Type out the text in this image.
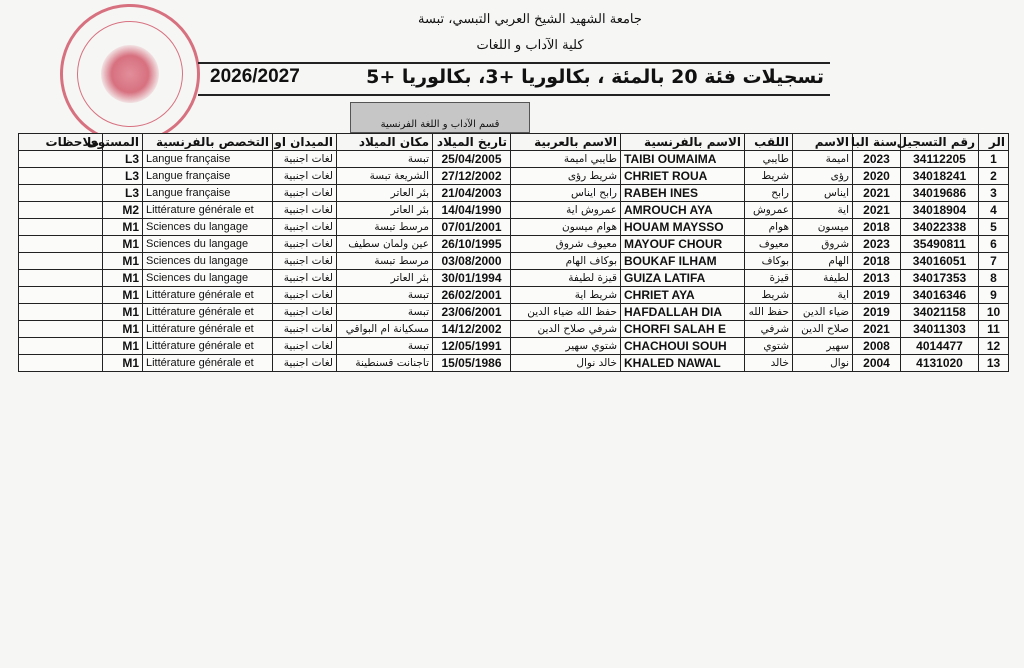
جامعة الشهيد الشيخ العربي التبسي، تبسة
كلية الآداب و اللغات
2026/2027	تسجيلات فئة 20 بالمئة ، بكالوريا +3، بكالوريا +5
قسم الآداب و اللغة الفرنسية
ملاحظات	المستوى	التخصص بالفرنسية	الميدان او	مكان الميلاد	تاريخ الميلاد	الاسم بالعربية	الاسم بالفرنسية	اللقب	الاسم	سنة البا	رقم التسجيل	الر
	L3	Langue française	لغات اجنبية	تبسة	25/04/2005	طايبي اميمة	TAIBI OUMAIMA	طايبي	اميمة	2023	34112205	1
	L3	Langue française	لغات اجنبية	الشريعة تبسة	27/12/2002	شريط رؤى	CHRIET ROUA	شريط	رؤى	2020	34018241	2
	L3	Langue française	لغات اجنبية	بئر العاتر	21/04/2003	رابح ايناس	RABEH INES	رابح	ايناس	2021	34019686	3
	M2	Littérature générale et	لغات اجنبية	بئر العاتر	14/04/1990	عمروش اية	AMROUCH AYA	عمروش	اية	2021	34018904	4
	M1	Sciences du langage	لغات اجنبية	مرسط تبسة	07/01/2001	هوام ميسون	HOUAM MAYSSO	هوام	ميسون	2018	34022338	5
	M1	Sciences du langage	لغات اجنبية	عين ولمان سطيف	26/10/1995	معيوف شروق	MAYOUF CHOUR	معيوف	شروق	2023	35490811	6
	M1	Sciences du langage	لغات اجنبية	مرسط تبسة	03/08/2000	بوكاف الهام	BOUKAF ILHAM	بوكاف	الهام	2018	34016051	7
	M1	Sciences du langage	لغات اجنبية	بئر العاتر	30/01/1994	قيزة لطيفة	GUIZA LATIFA	قيزة	لطيفة	2013	34017353	8
	M1	Littérature générale et	لغات اجنبية	تبسة	26/02/2001	شريط اية	CHRIET AYA	شريط	اية	2019	34016346	9
	M1	Littérature générale et	لغات اجنبية	تبسة	23/06/2001	حفظ الله ضياء الدين	HAFDALLAH DIA	حفظ الله	ضياء الدين	2019	34021158	10
	M1	Littérature générale et	لغات اجنبية	مسكيانة ام البواقي	14/12/2002	شرفي صلاح الدين	CHORFI SALAH E	شرفي	صلاح الدين	2021	34011303	11
	M1	Littérature générale et	لغات اجنبية	تبسة	12/05/1991	شتوي سهير	CHACHOUI SOUH	شتوي	سهير	2008	4014477	12
	M1	Littérature générale et	لغات اجنبية	تاجنانت قسنطينة	15/05/1986	خالد نوال	KHALED NAWAL	خالد	نوال	2004	4131020	13
